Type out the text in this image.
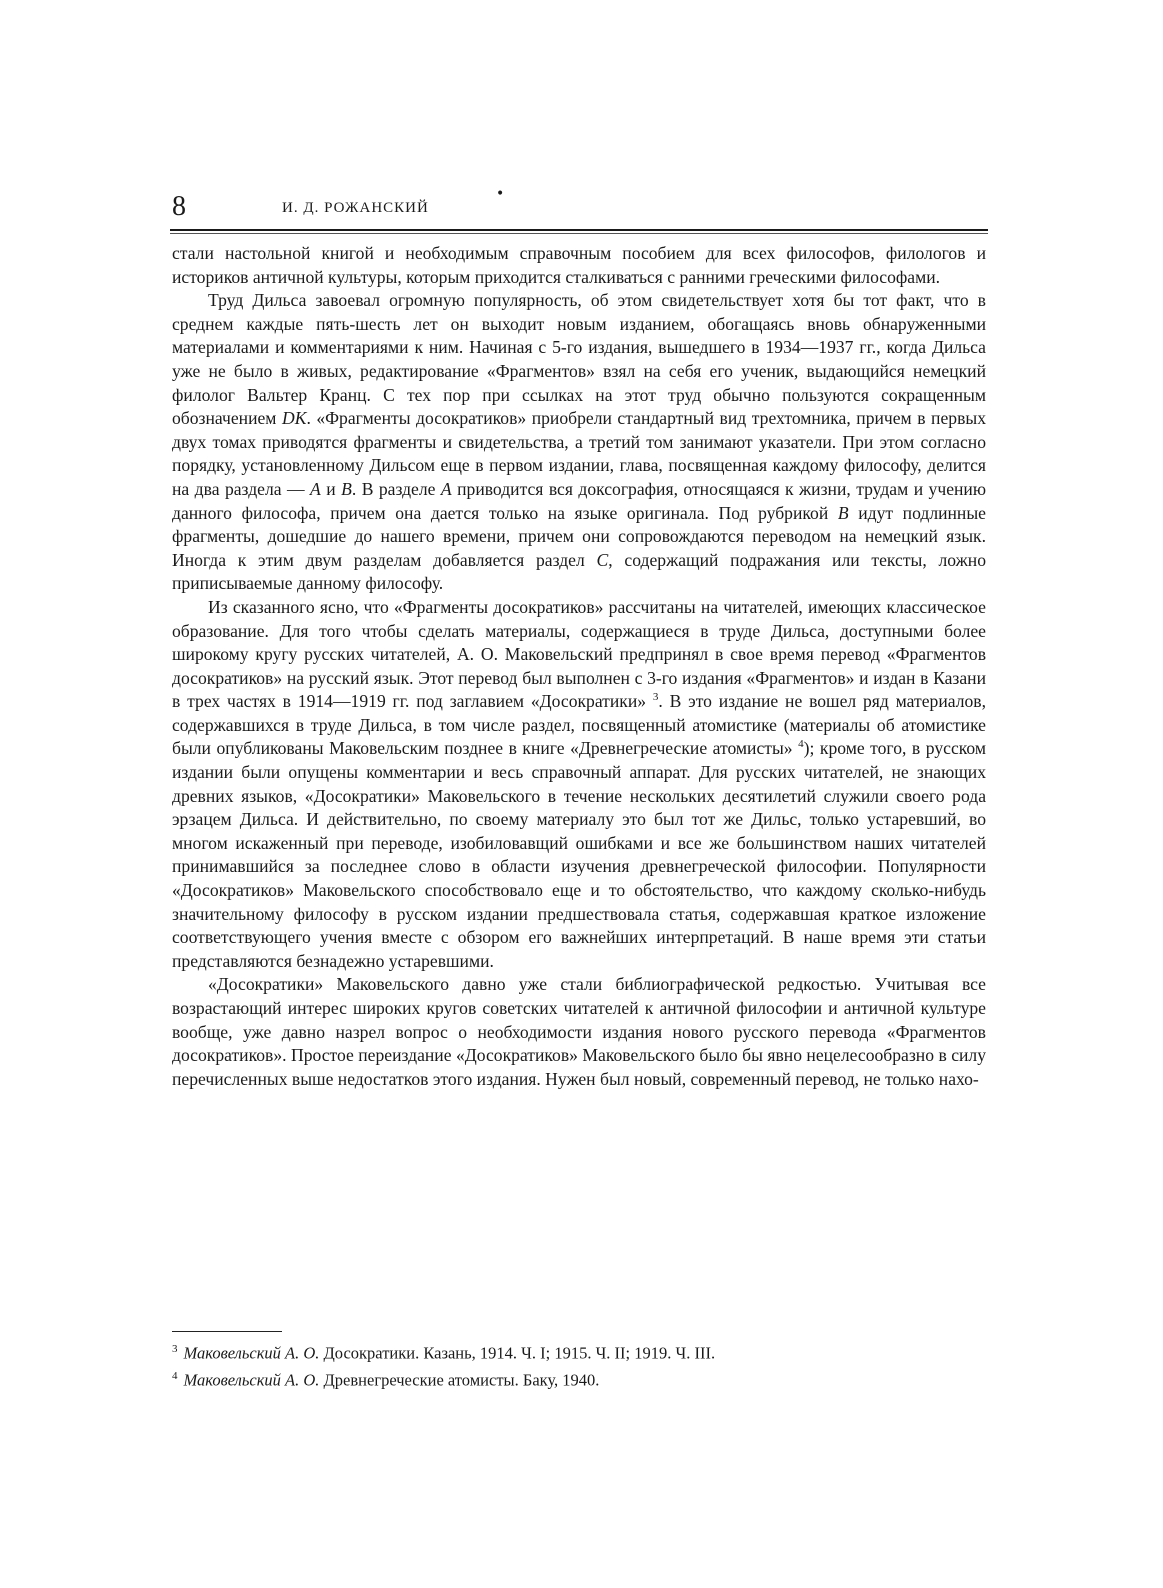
8	И. Д. РОЖАНСКИЙ
•

стали настольной книгой и необходимым справочным пособием для всех философов, филологов и историков античной культуры, которым приходится сталкиваться с ранними греческими философами.

Труд Дильса завоевал огромную популярность, об этом свидетельствует хотя бы тот факт, что в среднем каждые пять-шесть лет он выходит новым изданием, обогащаясь вновь обнаруженными материалами и комментариями к ним. Начиная с 5-го издания, вышедшего в 1934—1937 гг., когда Дильса уже не было в живых, редактирование «Фрагментов» взял на себя его ученик, выдающийся немецкий филолог Вальтер Кранц. С тех пор при ссылках на этот труд обычно пользуются сокращенным обозначением DK. «Фрагменты досократиков» приобрели стандартный вид трехтомника, причем в первых двух томах приводятся фрагменты и свидетельства, а третий том занимают указатели. При этом согласно порядку, установленному Дильсом еще в первом издании, глава, посвященная каждому философу, делится на два раздела — A и B. В разделе A приводится вся доксография, относящаяся к жизни, трудам и учению данного философа, причем она дается только на языке оригинала. Под рубрикой B идут подлинные фрагменты, дошедшие до нашего времени, причем они сопровождаются переводом на немецкий язык. Иногда к этим двум разделам добавляется раздел C, содержащий подражания или тексты, ложно приписываемые данному философу.

Из сказанного ясно, что «Фрагменты досократиков» рассчитаны на читателей, имеющих классическое образование. Для того чтобы сделать материалы, содержащиеся в труде Дильса, доступными более широкому кругу русских читателей, А. О. Маковельский предпринял в свое время перевод «Фрагментов досократиков» на русский язык. Этот перевод был выполнен с 3-го издания «Фрагментов» и издан в Казани в трех частях в 1914—1919 гг. под заглавием «Досократики» $^3$. В это издание не вошел ряд материалов, содержавшихся в труде Дильса, в том числе раздел, посвященный атомистике (материалы об атомистике были опубликованы Маковельским позднее в книге «Древнегреческие атомисты» $^4$); кроме того, в русском издании были опущены комментарии и весь справочный аппарат. Для русских читателей, не знающих древних языков, «Досократики» Маковельского в течение нескольких десятилетий служили своего рода эрзацем Дильса. И действительно, по своему материалу это был тот же Дильс, только устаревший, во многом искаженный при переводе, изобиловавщий ошибками и все же большинством наших читателей принимавшийся за последнее слово в области изучения древнегреческой философии. Популярности «Досократиков» Маковельского способствовало еще и то обстоятельство, что каждому сколько-нибудь значительному философу в русском издании предшествовала статья, содержавшая краткое изложение соответствующего учения вместе с обзором его важнейших интерпретаций. В наше время эти статьи представляются безнадежно устаревшими.

«Досократики» Маковельского давно уже стали библиографической редкостью. Учитывая все возрастающий интерес широких кругов советских читателей к античной философии и античной культуре вообще, уже давно назрел вопрос о необходимости издания нового русского перевода «Фрагментов досократиков». Простое переиздание «Досократиков» Маковельского было бы явно нецелесообразно в силу перечисленных выше недостатков этого издания. Нужен был новый, современный перевод, не только нахо-

$^3$ Маковельский А. О. Досократики. Казань, 1914. Ч. I; 1915. Ч. II; 1919. Ч. III.
$^4$ Маковельский А. О. Древнегреческие атомисты. Баку, 1940.
